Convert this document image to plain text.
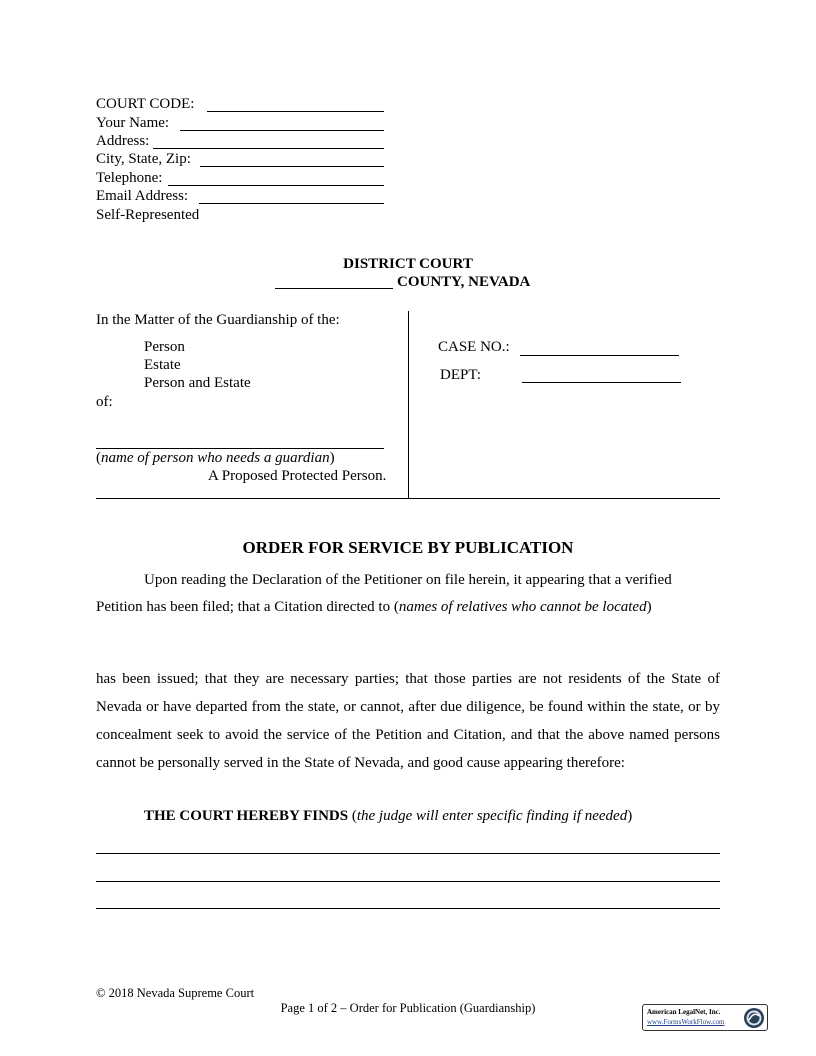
COURT CODE:
Your Name:
Address:
City, State, Zip:
Telephone:
Email Address:
Self-Represented
DISTRICT COURT
COUNTY, NEVADA
In the Matter of the Guardianship of the:
Person
Estate
Person and Estate
of:
(name of person who needs a guardian)
A Proposed Protected Person.
CASE NO.:
DEPT:
ORDER FOR SERVICE BY PUBLICATION
Upon reading the Declaration of the Petitioner on file herein, it appearing that a verified
Petition has been filed; that a Citation directed to (names of relatives who cannot be located)
has been issued; that they are necessary parties; that those parties are not residents of the State of Nevada or have departed from the state, or cannot, after due diligence, be found within the state, or by concealment seek to avoid the service of the Petition and Citation, and that the above named persons cannot be personally served in the State of Nevada, and good cause appearing therefore:
THE COURT HEREBY FINDS (the judge will enter specific finding if needed)
© 2018 Nevada Supreme Court
Page 1 of 2 – Order for Publication (Guardianship)	American LegalNet, Inc.
www.FormsWorkFlow.com
